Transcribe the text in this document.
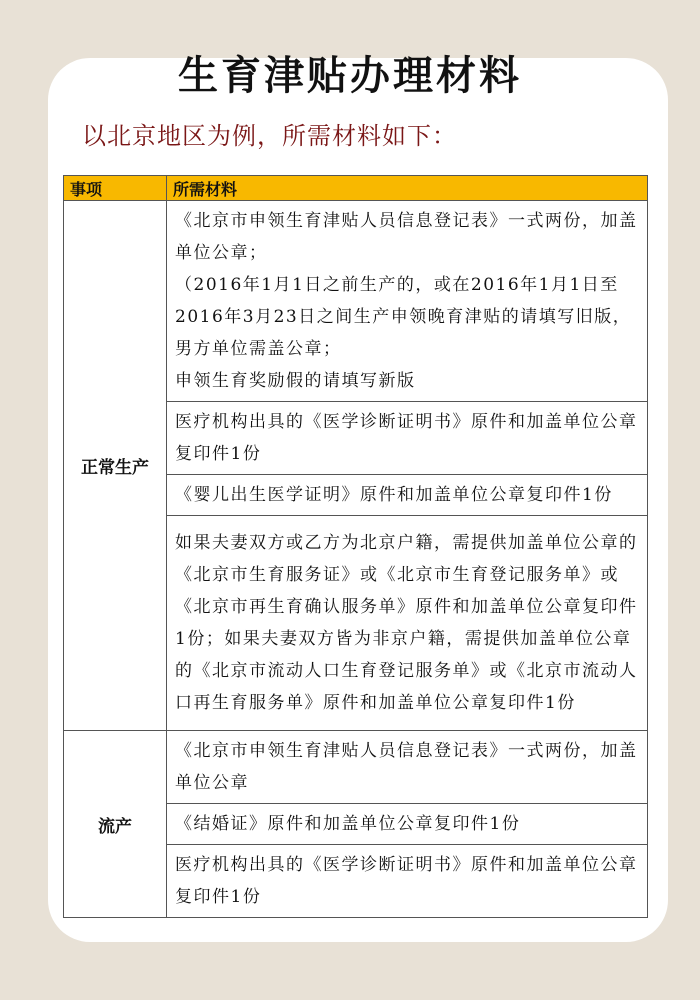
生育津贴办理材料
以北京地区为例，所需材料如下：
事项	所需材料
正常生产	《北京市申领生育津贴人员信息登记表》一式两份，加盖单位公章；
（2016年1月1日之前生产的，或在2016年1月1日至2016年3月23日之间生产申领晚育津贴的请填写旧版，男方单位需盖公章；
申领生育奖励假的请填写新版

	医疗机构出具的《医学诊断证明书》原件和加盖单位公章复印件1份

	《婴儿出生医学证明》原件和加盖单位公章复印件1份

	如果夫妻双方或乙方为北京户籍，需提供加盖单位公章的《北京市生育服务证》或《北京市生育登记服务单》或《北京市再生育确认服务单》原件和加盖单位公章复印件1份；如果夫妻双方皆为非京户籍，需提供加盖单位公章的《北京市流动人口生育登记服务单》或《北京市流动人口再生育服务单》原件和加盖单位公章复印件1份

流产	《北京市申领生育津贴人员信息登记表》一式两份，加盖单位公章

	《结婚证》原件和加盖单位公章复印件1份

	医疗机构出具的《医学诊断证明书》原件和加盖单位公章复印件1份
